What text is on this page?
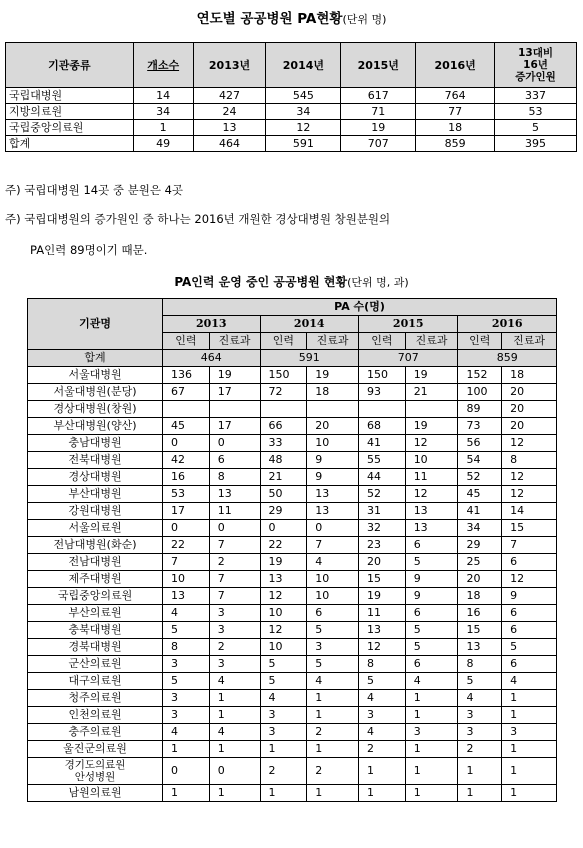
연도별 공공병원 PA현황(단위 명)
기관종류	개소수	2013년	2014년	2015년	2016년	13대비
16년
증가인원

국립대병원	14	427	545	617	764	337
지방의료원	34	24	34	71	77	53
국립중앙의료원	1	13	12	19	18	5
합계	49	464	591	707	859	395
주) 국립대병원 14곳 중 분원은 4곳
주) 국립대병원의 증가원인 중 하나는 2016년 개원한 경상대병원 창원분원의
PA인력 89명이기 때문.
PA인력 운영 중인 공공병원 현황(단위 명, 과)
기관명	PA 수(명)							
	2013		2014		2015		2016	
	인력	진료과	인력	진료과	인력	진료과	인력	진료과
합계	464		591		707		859	
서울대병원	136	19	150	19	150	19	152	18
서울대병원(분당)	67	17	72	18	93	21	100	20
경상대병원(창원)							89	20
부산대병원(양산)	45	17	66	20	68	19	73	20
충남대병원	0	0	33	10	41	12	56	12
전북대병원	42	6	48	9	55	10	54	8
경상대병원	16	8	21	9	44	11	52	12
부산대병원	53	13	50	13	52	12	45	12
강원대병원	17	11	29	13	31	13	41	14
서울의료원	0	0	0	0	32	13	34	15
전남대병원(화순)	22	7	22	7	23	6	29	7
전남대병원	7	2	19	4	20	5	25	6
제주대병원	10	7	13	10	15	9	20	12
국립중앙의료원	13	7	12	10	19	9	18	9
부산의료원	4	3	10	6	11	6	16	6
충북대병원	5	3	12	5	13	5	15	6
경북대병원	8	2	10	3	12	5	13	5
군산의료원	3	3	5	5	8	6	8	6
대구의료원	5	4	5	4	5	4	5	4
청주의료원	3	1	4	1	4	1	4	1
인천의료원	3	1	3	1	3	1	3	1
충주의료원	4	4	3	2	4	3	3	3
울진군의료원	1	1	1	1	2	1	2	1
경기도의료원
안성병원	0	0	2	2	1	1	1	1
남원의료원	1	1	1	1	1	1	1	1
